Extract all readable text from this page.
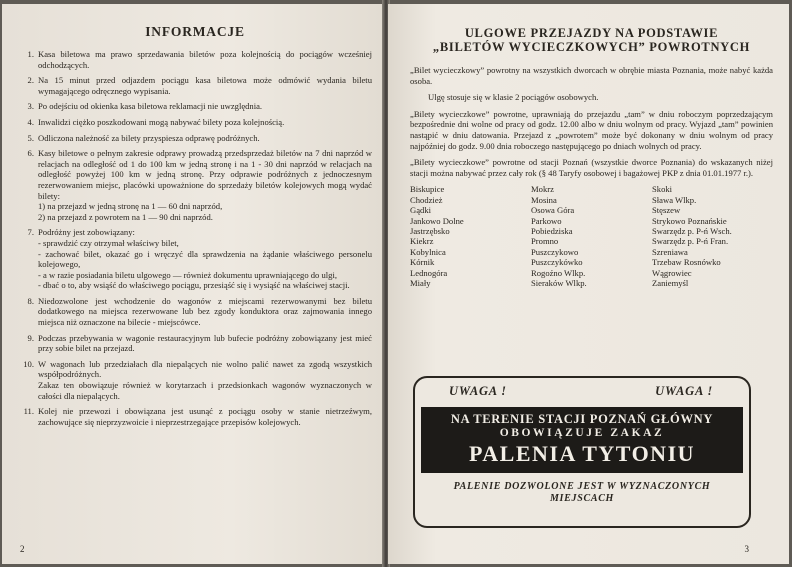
INFORMACJE
1. Kasa biletowa ma prawo sprzedawania biletów poza kolejnością do pociągów wcześniej odchodzących.
2. Na 15 minut przed odjazdem pociągu kasa biletowa może odmówić wydania biletu wymagającego odręcznego wypisania.
3. Po odejściu od okienka kasa biletowa reklamacji nie uwzględnia.
4. Inwalidzi ciężko poszkodowani mogą nabywać bilety poza kolejnością.
5. Odliczona należność za bilety przyspiesza odprawę podróżnych.
6. Kasy biletowe o pełnym zakresie odprawy prowadzą przedsprzedaż biletów na 7 dni naprzód w relacjach na odległość od 1 do 100 km w jedną stronę i na 1 - 30 dni naprzód w relacjach na odległość powyżej 100 km w jedną stronę. Przy odprawie podróżnych z jednoczesnym rezerwowaniem miejsc, placówki upoważnione do sprzedaży biletów kolejowych mogą wydać bilety:
1) na przejazd w jedną stronę na 1 — 60 dni naprzód,
2) na przejazd z powrotem na 1 — 90 dni naprzód.
7. Podróżny jest zobowiązany:
- sprawdzić czy otrzymał właściwy bilet,
- zachować bilet, okazać go i wręczyć dla sprawdzenia na żądanie właściwego personelu kolejowego,
- a w razie posiadania biletu ulgowego — również dokumentu uprawniającego do ulgi,
- dbać o to, aby wsiąść do właściwego pociągu, przesiąść się i wysiąść na właściwej stacji.
8. Niedozwolone jest wchodzenie do wagonów z miejscami rezerwowanymi bez biletu dodatkowego na miejsca rezerwowane lub bez zgody konduktora oraz zajmowania innego miejsca niż oznaczone na bilecie - miejscówce.
9. Podczas przebywania w wagonie restauracyjnym lub bufecie podróżny zobowiązany jest mieć przy sobie bilet na przejazd.
10. W wagonach lub przedziałach dla niepalących nie wolno palić nawet za zgodą wszystkich współpodróżnych.
Zakaz ten obowiązuje również w korytarzach i przedsionkach wagonów wyznaczonych w całości dla niepalących.
11. Kolej nie przewozi i obowiązana jest usunąć z pociągu osoby w stanie nietrzeźwym, zachowujące się nieprzyzwoicie i nieprzestrzegające przepisów kolejowych.
2
ULGOWE PRZEJAZDY NA PODSTAWIE
„BILETÓW WYCIECZKOWYCH” POWROTNYCH

„Bilet wycieczkowy” powrotny na wszystkich dworcach w obrębie miasta Poznania, może nabyć każda osoba.

Ulgę stosuje się w klasie 2 pociągów osobowych.

„Bilety wycieczkowe” powrotne, uprawniają do przejazdu „tam” w dniu roboczym poprzedzającym bezpośrednie dni wolne od pracy od godz. 12.00 albo w dniu wolnym od pracy. Wyjazd „tam” powinien nastąpić w dniu datowania. Przejazd z „powrotem” może być dokonany w dniu wolnym od pracy najpóźniej do godz. 9.00 dnia roboczego następującego po dniach wolnych od pracy.

„Bilety wycieczkowe” powrotne od stacji Poznań (wszystkie dworce Poznania) do wskazanych niżej stacji można nabywać przez cały rok (§ 48 Taryfy osobowej i bagażowej PKP z dnia 01.01.1977 r.).

Biskupice
Chodzież
Gądki
Jankowo Dolne
Jastrzębsko
Kiekrz
Kobylnica
Kórnik
Lednogóra
Miały
Mokrz
Mosina
Osowa Góra
Parkowo
Pobiedziska
Promno
Puszczykowo
Puszczykówko
Rogoźno Wlkp.
Sieraków Wlkp.
Skoki
Sława Wlkp.
Stęszew
Strykowo Poznańskie
Swarzędz p. P-ń Wsch.
Swarzędz p. P-ń Fran.
Szreniawa
Trzebaw Rosnówko
Wągrowiec
Zaniemyśl
UWAGA !	UWAGA !
NA TERENIE STACJI POZNAŃ GŁÓWNY
OBOWIĄZUJE ZAKAZ
PALENIA TYTONIU
PALENIE DOZWOLONE JEST W WYZNACZONYCH
MIEJSCACH
3
